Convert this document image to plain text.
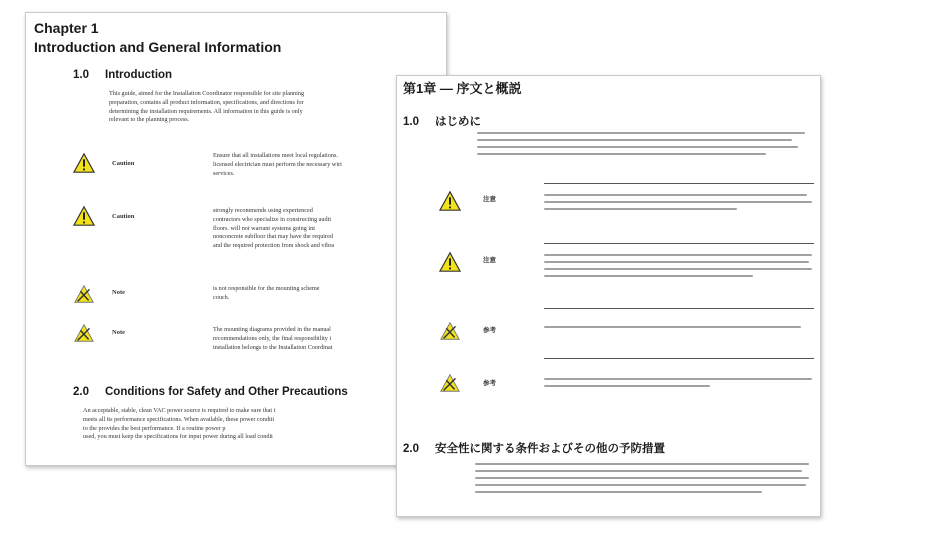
Chapter 1
Introduction and General Information
1.0 Introduction
This guide, aimed for the Installation Coordinator responsible for site planning
preparation, contains all product information, specifications, and directions for
determining the installation requirements. All information in this guide is only
relevant to the planning process.
Caution
Ensure that all installations meet local regulations.
licensed electrician must perform the necessary wiri
services.
Caution
strongly recommends using experienced
contractors who specialize in constructing audit
floors. will not warrant systems going int
nonconcrete subfloor that may have the required
and the required protection from shock and vibra
Note
is not responsible for the mounting scheme
couch.
Note	The mounting diagrams provided in the manual
recommendations only, the final responsibility i
installation belongs to the Installation Coordinat
2.0 Conditions for Safety and Other Precautions
An acceptable, stable, clean VAC power source is required to make sure that t
meets all its performance specifications. When available, these power conditi
to the provides the best performance. If a routine power p
used, you must keep the specifications for input power during all load condit
第1章 — 序文と概説
1.0 はじめに
注意
注意
参考
参考
2.0 安全性に関する条件およびその他の予防措置
